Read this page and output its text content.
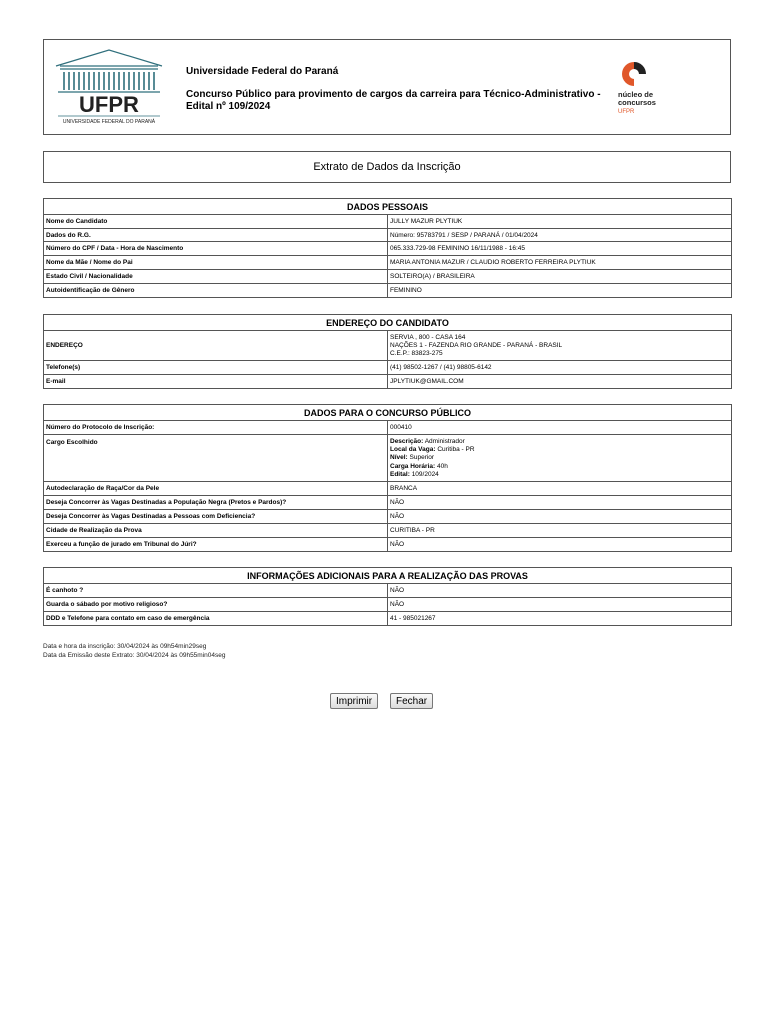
UFPR
UNIVERSIDADE FEDERAL DO PARANÁ
Universidade Federal do Paraná
Concurso Público para provimento de cargos da carreira para Técnico-Administrativo -
Edital nº 109/2024
núcleo de
concursos
UFPR
Extrato de Dados da Inscrição
DADOS PESSOAIS	
Nome do Candidato	JULLY MAZUR PLYTIUK
Dados do R.G.	Número: 95783791 / SESP / PARANÁ / 01/04/2024
Número do CPF / Data - Hora de Nascimento	065.333.729-98 FEMININO 16/11/1988 - 16:45
Nome da Mãe / Nome do Pai	MARIA ANTONIA MAZUR / CLAUDIO ROBERTO FERREIRA PLYTIUK
Estado Civil / Nacionalidade	SOLTEIRO(A) / BRASILEIRA
Autoidentificação de Gênero	FEMININO
ENDEREÇO DO CANDIDATO	
ENDEREÇO	SERVIA , 800 - CASA 164
NAÇÕES 1 - FAZENDA RIO GRANDE - PARANÁ - BRASIL
C.E.P.: 83823-275
Telefone(s)	(41) 98502-1267 / (41) 98805-6142
E-mail	JPLYTIUK@GMAIL.COM
DADOS PARA O CONCURSO PÚBLICO	
Número do Protocolo de Inscrição:	000410
Cargo Escolhido	Descrição: Administrador
Local da Vaga: Curitiba - PR
Nível: Superior
Carga Horária: 40h
Edital: 109/2024
Autodeclaração de Raça/Cor da Pele	BRANCA
Deseja Concorrer às Vagas Destinadas a População Negra (Pretos e Pardos)?	NÃO
Deseja Concorrer às Vagas Destinadas a Pessoas com Deficiencia?	NÃO
Cidade de Realização da Prova	CURITIBA - PR
Exerceu a função de jurado em Tribunal do Júri?	NÃO
INFORMAÇÕES ADICIONAIS PARA A REALIZAÇÃO DAS PROVAS	
É canhoto ?	NÃO
Guarda o sábado por motivo religioso?	NÃO
DDD e Telefone para contato em caso de emergência	41 - 985021267
Data e hora da inscrição: 30/04/2024 às 09h54min29seg
Data da Emissão deste Extrato: 30/04/2024 às 09h55min04seg
Imprimir	Fechar
